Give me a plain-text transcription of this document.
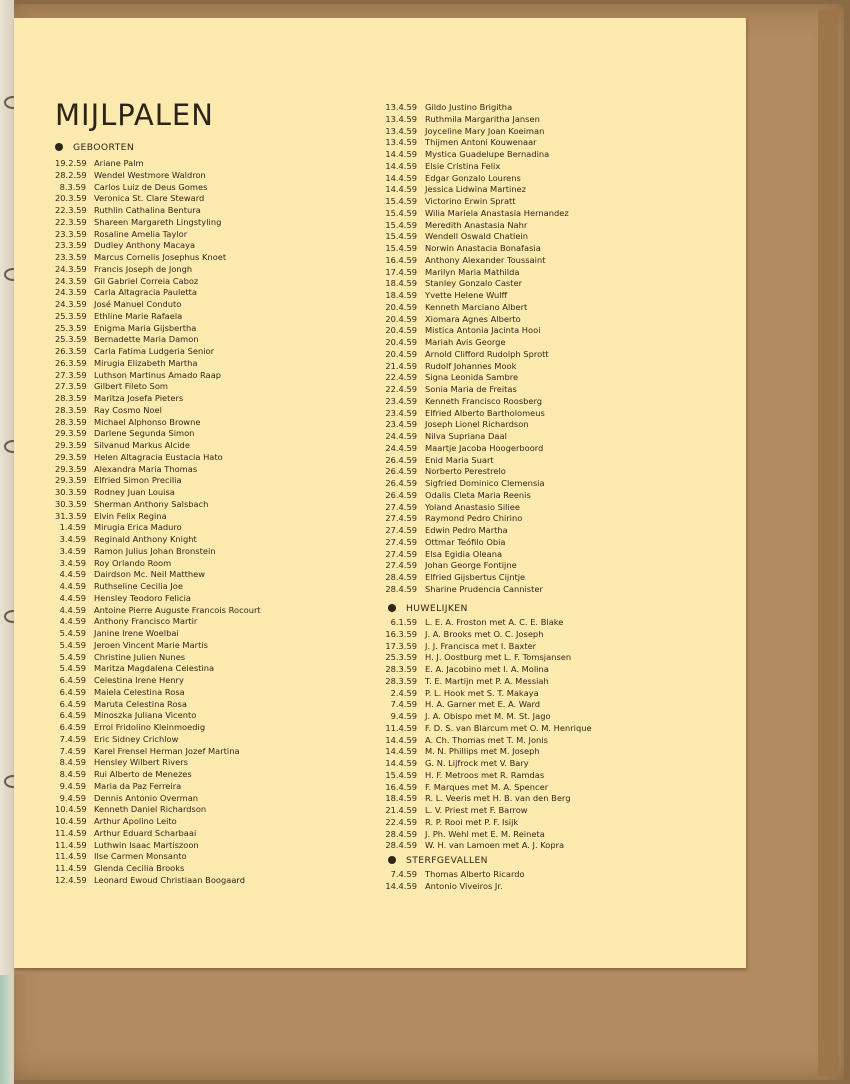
MIJLPALEN
GEBOORTEN
19.2.59 Ariane Palm
28.2.59 Wendel Westmore Waldron
8.3.59 Carlos Luiz de Deus Gomes
20.3.59 Veronica St. Clare Steward
22.3.59 Ruthlin Cathalina Bentura
22.3.59 Shareen Margareth Lingstyling
23.3.59 Rosaline Amelia Taylor
23.3.59 Dudley Anthony Macaya
23.3.59 Marcus Cornelis Josephus Knoet
24.3.59 Francis Joseph de Jongh
24.3.59 Gil Gabriel Correia Caboz
24.3.59 Carla Altagracia Pauletta
24.3.59 José Manuel Conduto
25.3.59 Ethline Marie Rafaela
25.3.59 Enigma Maria Gijsbertha
25.3.59 Bernadette Maria Damon
26.3.59 Carla Fatima Ludgeria Senior
26.3.59 Mirugia Elizabeth Martha
27.3.59 Luthson Martinus Amado Raap
27.3.59 Gilbert Fileto Som
28.3.59 Maritza Josefa Pieters
28.3.59 Ray Cosmo Noel
28.3.59 Michael Alphonso Browne
29.3.59 Darlene Segunda Simon
29.3.59 Silvanud Markus Alcide
29.3.59 Helen Altagracia Eustacia Hato
29.3.59 Alexandra Maria Thomas
29.3.59 Elfried Simon Precilia
30.3.59 Rodney Juan Louisa
30.3.59 Sherman Anthony Salsbach
31.3.59 Elvin Felix Regina
1.4.59 Mirugia Erica Maduro
3.4.59 Reginald Anthony Knight
3.4.59 Ramon Julius Johan Bronstein
3.4.59 Roy Orlando Room
4.4.59 Dairdson Mc. Neil Matthew
4.4.59 Ruthseline Cecilia Joe
4.4.59 Hensley Teodoro Felicia
4.4.59 Antoine Pierre Auguste Francois Rocourt
4.4.59 Anthony Francisco Martir
5.4.59 Janine Irene Woelbai
5.4.59 Jeroen Vincent Marie Martis
5.4.59 Christine Julien Nunes
5.4.59 Maritza Magdalena Celestina
6.4.59 Celestina Irene Henry
6.4.59 Maiela Celestina Rosa
6.4.59 Maruta Celestina Rosa
6.4.59 Minoszka Juliana Vicento
6.4.59 Errol Fridolino Kleinmoedig
7.4.59 Eric Sidney Crichlow
7.4.59 Karel Frensel Herman Jozef Martina
8.4.59 Hensley Wilbert Rivers
8.4.59 Rui Alberto de Menezes
9.4.59 Maria da Paz Ferreira
9.4.59 Dennis Antonio Overman
10.4.59 Kenneth Daniel Richardson
10.4.59 Arthur Apolino Leito
11.4.59 Arthur Eduard Scharbaai
11.4.59 Luthwin Isaac Martiszoon
11.4.59 Ilse Carmen Monsanto
11.4.59 Glenda Cecilia Brooks
12.4.59 Leonard Ewoud Christiaan Boogaard
13.4.59 Gildo Justino Brigitha
13.4.59 Ruthmila Margaritha Jansen
13.4.59 Joyceline Mary Joan Koeiman
13.4.59 Thijmen Antoni Kouwenaar
14.4.59 Mystica Guadelupe Bernadina
14.4.59 Elsie Cristina Felix
14.4.59 Edgar Gonzalo Lourens
14.4.59 Jessica Lidwina Martinez
15.4.59 Victorino Erwin Spratt
15.4.59 Wilia Mariela Anastasia Hernandez
15.4.59 Meredith Anastasia Nahr
15.4.59 Wendell Oswald Chatlein
15.4.59 Norwin Anastacia Bonafasia
16.4.59 Anthony Alexander Toussaint
17.4.59 Marilyn Maria Mathilda
18.4.59 Stanley Gonzalo Caster
18.4.59 Yvette Helene Wulff
20.4.59 Kenneth Marciano Albert
20.4.59 Xiomara Agnes Alberto
20.4.59 Mistica Antonia Jacinta Hooi
20.4.59 Mariah Avis George
20.4.59 Arnold Clifford Rudolph Sprott
21.4.59 Rudolf Johannes Mook
22.4.59 Signa Leonida Sambre
22.4.59 Sonia Maria de Freitas
23.4.59 Kenneth Francisco Roosberg
23.4.59 Elfried Alberto Bartholomeus
23.4.59 Joseph Lionel Richardson
24.4.59 Nilva Supriana Daal
24.4.59 Maartje Jacoba Hoogerboord
26.4.59 Enid Maria Suart
26.4.59 Norberto Perestrelo
26.4.59 Sigfried Dominico Clemensia
26.4.59 Odalis Cleta Maria Reenis
27.4.59 Yoland Anastasio Siliee
27.4.59 Raymond Pedro Chirino
27.4.59 Edwin Pedro Martha
27.4.59 Ottmar Teófilo Obia
27.4.59 Elsa Egidia Oleana
27.4.59 Johan George Fontijne
28.4.59 Elfried Gijsbertus Cijntje
28.4.59 Sharine Prudencia Cannister
HUWELIJKEN
6.1.59 L. E. A. Froston met A. C. E. Blake
16.3.59 J. A. Brooks met O. C. Joseph
17.3.59 J. J. Francisca met I. Baxter
25.3.59 H. J. Oostburg met L. F. Tomsjansen
28.3.59 E. A. Jacobino met I. A. Molina
28.3.59 T. E. Martijn met P. A. Messiah
2.4.59 P. L. Hook met S. T. Makaya
7.4.59 H. A. Garner met E. A. Ward
9.4.59 J. A. Obispo met M. M. St. Jago
11.4.59 F. D. S. van Blarcum met O. M. Henrique
14.4.59 A. Ch. Thomas met T. M. Jonis
14.4.59 M. N. Phillips met M. Joseph
14.4.59 G. N. Lijfrock met V. Bary
15.4.59 H. F. Metroos met R. Ramdas
16.4.59 F. Marques met M. A. Spencer
18.4.59 R. L. Veeris met H. B. van den Berg
21.4.59 L. V. Priest met F. Barrow
22.4.59 R. P. Rooi met P. F. Isijk
28.4.59 J. Ph. Wehl met E. M. Reineta
28.4.59 W. H. van Lamoen met A. J. Kopra
STERFGEVALLEN
7.4.59 Thomas Alberto Ricardo
14.4.59 Antonio Viveiros Jr.
